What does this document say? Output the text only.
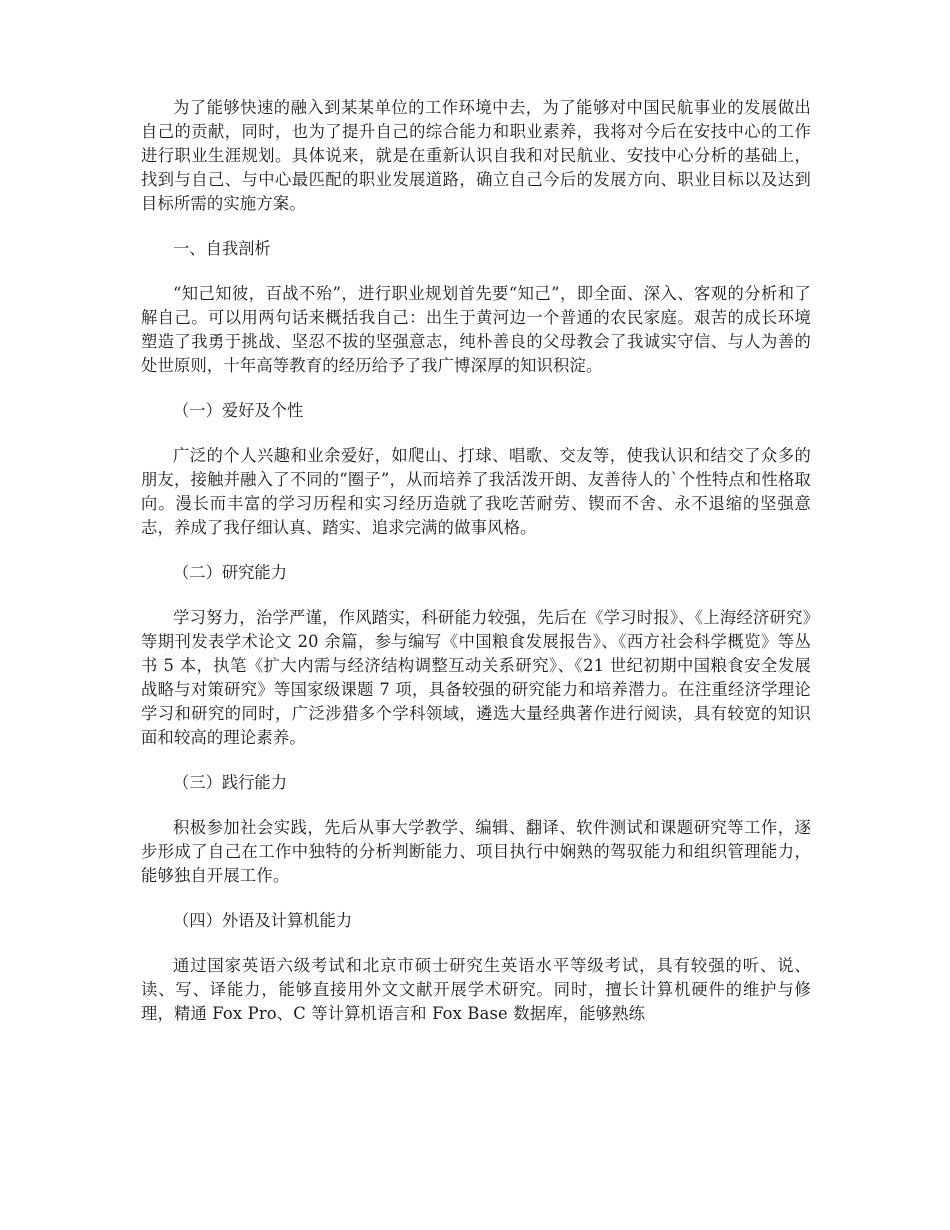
为了能够快速的融入到某某单位的工作环境中去，为了能够对中国民航事业的发展做出自己的贡献，同时，也为了提升自己的综合能力和职业素养，我将对今后在安技中心的工作进行职业生涯规划。具体说来，就是在重新认识自我和对民航业、安技中心分析的基础上，找到与自己、与中心最匹配的职业发展道路，确立自己今后的发展方向、职业目标以及达到目标所需的实施方案。

一、自我剖析

“知己知彼，百战不殆”，进行职业规划首先要“知己”，即全面、深入、客观的分析和了解自己。可以用两句话来概括我自己：出生于黄河边一个普通的农民家庭。艰苦的成长环境塑造了我勇于挑战、坚忍不拔的坚强意志，纯朴善良的父母教会了我诚实守信、与人为善的处世原则，十年高等教育的经历给予了我广博深厚的知识积淀。

（一）爱好及个性

广泛的个人兴趣和业余爱好，如爬山、打球、唱歌、交友等，使我认识和结交了众多的朋友，接触并融入了不同的“圈子”，从而培养了我活泼开朗、友善待人的`个性特点和性格取向。漫长而丰富的学习历程和实习经历造就了我吃苦耐劳、锲而不舍、永不退缩的坚强意志，养成了我仔细认真、踏实、追求完满的做事风格。

（二）研究能力

学习努力，治学严谨，作风踏实，科研能力较强，先后在《学习时报》、《上海经济研究》等期刊发表学术论文 20 余篇，参与编写《中国粮食发展报告》、《西方社会科学概览》等丛书 5 本，执笔《扩大内需与经济结构调整互动关系研究》、《21 世纪初期中国粮食安全发展战略与对策研究》等国家级课题 7 项，具备较强的研究能力和培养潜力。在注重经济学理论学习和研究的同时，广泛涉猎多个学科领域，遴选大量经典著作进行阅读，具有较宽的知识面和较高的理论素养。

（三）践行能力

积极参加社会实践，先后从事大学教学、编辑、翻译、软件测试和课题研究等工作，逐步形成了自己在工作中独特的分析判断能力、项目执行中娴熟的驾驭能力和组织管理能力，能够独自开展工作。

（四）外语及计算机能力

通过国家英语六级考试和北京市硕士研究生英语水平等级考试，具有较强的听、说、读、写、译能力，能够直接用外文文献开展学术研究。同时，擅长计算机硬件的维护与修理，精通 Fox Pro、C 等计算机语言和 Fox Base 数据库，能够熟练
